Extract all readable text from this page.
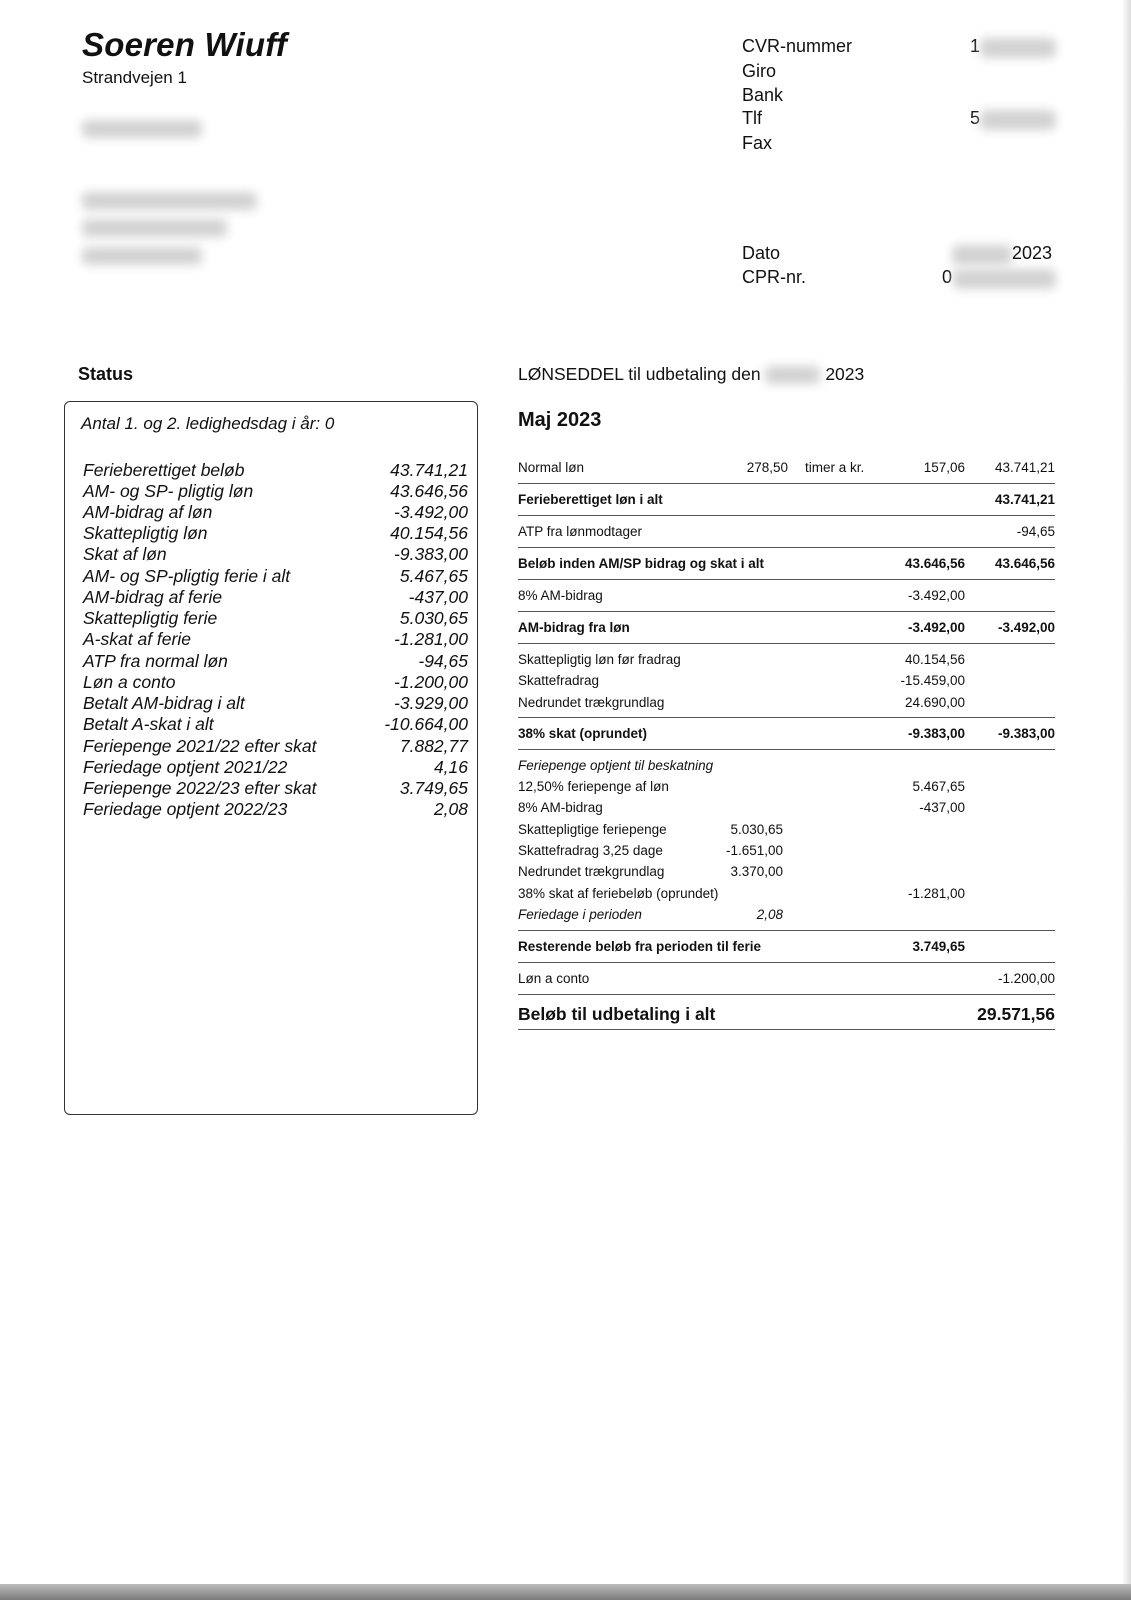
Soeren Wiuff
Strandvejen 1
CVR-nummer	1
Giro
Bank
Tlf	5
Fax
Dato	2023
CPR-nr.	0
Status
Antal 1. og 2. ledighedsdag i år: 0
Ferieberettiget beløb	43.741,21
AM- og SP- pligtig løn	43.646,56
AM-bidrag af løn	-3.492,00
Skattepligtig løn	40.154,56
Skat af løn	-9.383,00
AM- og SP-pligtig ferie i alt	5.467,65
AM-bidrag af ferie	-437,00
Skattepligtig ferie	5.030,65
A-skat af ferie	-1.281,00
ATP fra normal løn	-94,65
Løn a conto	-1.200,00
Betalt AM-bidrag i alt	-3.929,00
Betalt A-skat i alt	-10.664,00
Feriepenge 2021/22 efter skat	7.882,77
Feriedage optjent 2021/22	4,16
Feriepenge 2022/23 efter skat	3.749,65
Feriedage optjent 2022/23	2,08
LØNSEDDEL til udbetaling den	2023
Maj 2023
Normal løn	278,50 timer a kr.	157,06	43.741,21
Ferieberettiget løn i alt	43.741,21
ATP fra lønmodtager	-94,65
Beløb inden AM/SP bidrag og skat i alt	43.646,56	43.646,56
8% AM-bidrag	-3.492,00
AM-bidrag fra løn	-3.492,00	-3.492,00
Skattepligtig løn før fradrag	40.154,56
Skattefradrag	-15.459,00
Nedrundet trækgrundlag	24.690,00
38% skat (oprundet)	-9.383,00	-9.383,00
Feriepenge optjent til beskatning
12,50% feriepenge af løn	5.467,65
8% AM-bidrag	-437,00
Skattepligtige feriepenge	5.030,65
Skattefradrag 3,25 dage	-1.651,00
Nedrundet trækgrundlag	3.370,00
38% skat af feriebeløb (oprundet)	-1.281,00
Feriedage i perioden	2,08
Resterende beløb fra perioden til ferie	3.749,65
Løn a conto	-1.200,00
Beløb til udbetaling i alt	29.571,56
